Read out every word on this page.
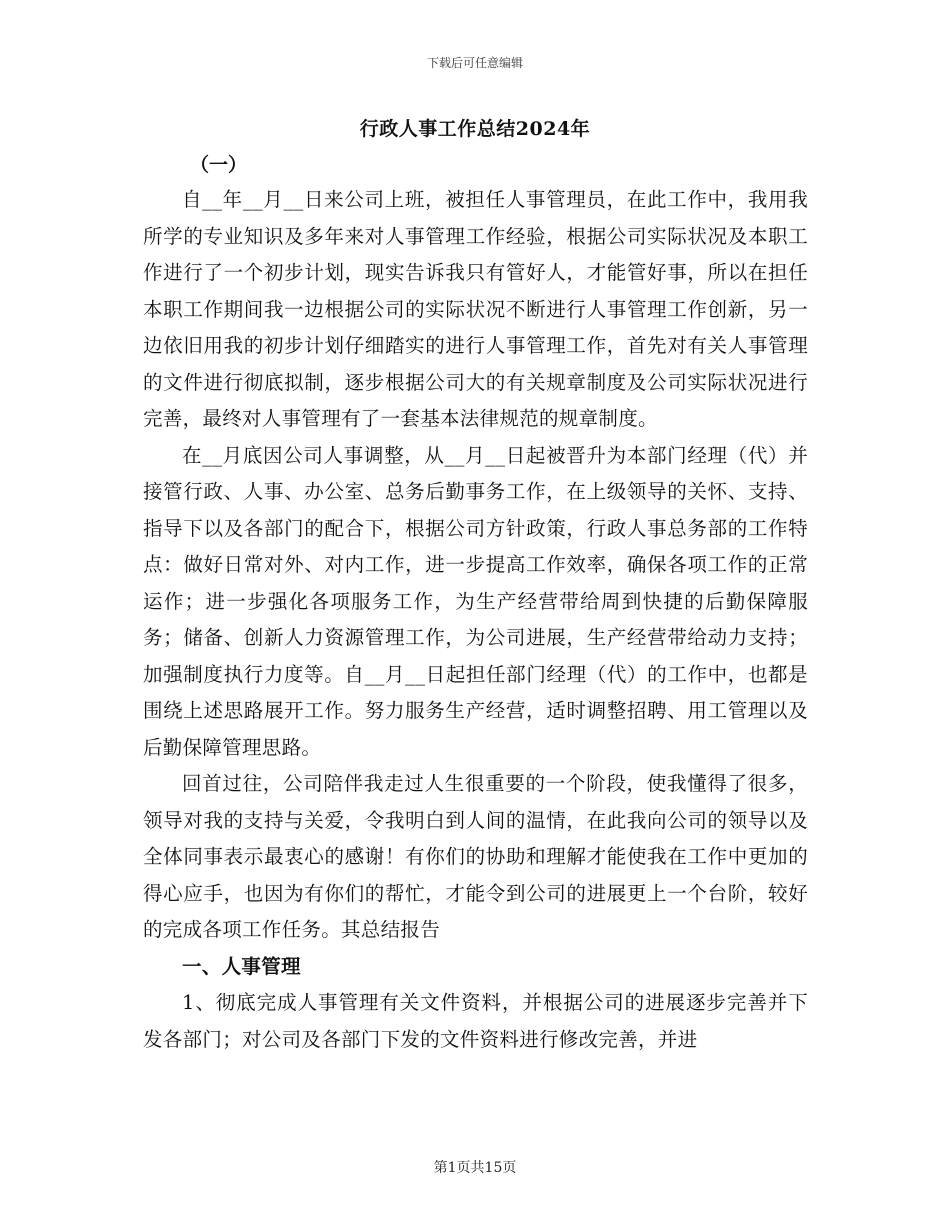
下载后可任意编辑
行政人事工作总结2024年
（一）

自__年__月__日来公司上班，被担任人事管理员，在此工作中，我用我所学的专业知识及多年来对人事管理工作经验，根据公司实际状况及本职工作进行了一个初步计划，现实告诉我只有管好人，才能管好事，所以在担任本职工作期间我一边根据公司的实际状况不断进行人事管理工作创新，另一边依旧用我的初步计划仔细踏实的进行人事管理工作，首先对有关人事管理的文件进行彻底拟制，逐步根据公司大的有关规章制度及公司实际状况进行完善，最终对人事管理有了一套基本法律规范的规章制度。

在__月底因公司人事调整，从__月__日起被晋升为本部门经理（代）并接管行政、人事、办公室、总务后勤事务工作，在上级领导的关怀、支持、指导下以及各部门的配合下，根据公司方针政策，行政人事总务部的工作特点：做好日常对外、对内工作，进一步提高工作效率，确保各项工作的正常运作；进一步强化各项服务工作，为生产经营带给周到快捷的后勤保障服务；储备、创新人力资源管理工作，为公司进展，生产经营带给动力支持；加强制度执行力度等。自__月__日起担任部门经理（代）的工作中，也都是围绕上述思路展开工作。努力服务生产经营，适时调整招聘、用工管理以及后勤保障管理思路。

回首过往，公司陪伴我走过人生很重要的一个阶段，使我懂得了很多，领导对我的支持与关爱，令我明白到人间的温情，在此我向公司的领导以及全体同事表示最衷心的感谢！有你们的协助和理解才能使我在工作中更加的得心应手，也因为有你们的帮忙，才能令到公司的进展更上一个台阶，较好的完成各项工作任务。其总结报告

一、人事管理

1、彻底完成人事管理有关文件资料，并根据公司的进展逐步完善并下发各部门；对公司及各部门下发的文件资料进行修改完善，并进

第1页共15页
